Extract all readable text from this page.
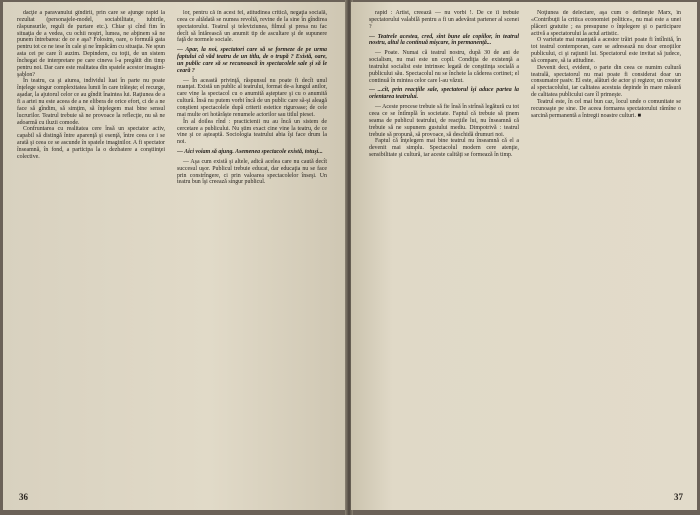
dacţie a paravanului gîndirii, prin care se ajunge rapid la rezultat (personajele-model, sociabilitate, iubirile, răspunsurile, reguli de purtare etc.). Chiar şi cînd fim în situaţia de a vedea, cu ochii noştri, lumea, ne abţinem să ne punem întrebarea: de ce e aşa? Folosim, oare, o formulă gata pentru tot ce ne iese în cale şi ne împăcăm cu situaţia. Ne spun asta cei pe care îi auzim. Depindem, cu toţii, de un sistem închegat de interpretare pe care cineva l-a pregătit din timp pentru noi. Dar care este realitatea din spatele acestor imagini-şablon?

În teatru, ca şi aiurea, individul luat în parte nu poate înţelege singur complexitatea lumii în care trăieşte; el recurge, aşadar, la ajutorul celor ce au gîndit înaintea lui. Raţiunea de a fi a artei nu este aceea de a ne elibera de orice efort, ci de a ne face să gîndim, să simţim, să înţelegem mai bine sensul lucrurilor. Teatrul trebuie să ne provoace la reflecţie, nu să ne adoarmă cu iluzii comode.

Confruntarea cu realitatea cere însă un spectator activ, capabil să distingă între aparenţă şi esenţă, între ceea ce i se arată şi ceea ce se ascunde în spatele imaginilor. A fi spectator înseamnă, în fond, a participa la o dezbatere a conştiinţei colective.

lor, pentru că în acest fel, atitudinea critică, negaţia socială, ceea ce altădată se numea revoltă, revine de la sine în gîndirea spectatorului. Teatrul şi televiziunea, filmul şi presa nu fac decît să întărească un anumit tip de ascultare şi de supunere faţă de normele sociale.

— Apar, la noi, spectatori care să se formeze de pe urma faptului că văd teatru de un titlu, de o trupă ? Există, oare, un public care să se recunoască în spectacolele sale şi să le ceară ?

— În această privinţă, răspunsul nu poate fi decît unul nuanţat. Există un public al teatrului, format de-a lungul anilor, care vine la spectacol cu o anumită aşteptare şi cu o anumită cultură. Însă nu putem vorbi încă de un public care să-şi aleagă conştient spectacolele după criterii estetice riguroase; de cele mai multe ori hotărăşte renumele actorilor sau titlul piesei.

În al doilea rînd : practicienii nu au încă un sistem de cercetare a publicului. Nu ştim exact cine vine la teatru, de ce vine şi ce aşteaptă. Sociologia teatrului abia îşi face drum la noi.

— Aici voiam să ajung. Asemenea spectacole există, totuşi...

— Aşa cum există şi altele, adică acelea care nu caută decît succesul uşor. Publicul trebuie educat, dar educaţia nu se face prin constrîngere, ci prin valoarea spectacolelor înseşi. Un teatru bun îşi creează singur publicul.

36

rapid : Artist, creează — nu vorbi !. De ce îi trebuie spectatorului valabilă pentru a fi un adevărat partener al scenei ?

— Teatrele acestea, cred, sînt bune ale copiilor, în teatrul nostru, altul la continuă mişcare, în permanenţă...

— Poate. Numai că teatrul nostru, după 30 de ani de socialism, nu mai este un copil. Condiţia de existenţă a teatrului socialist este intrinsec legată de conştiinţa socială a publicului său. Spectacolul nu se încheie la căderea cortinei; el continuă în mintea celor care l-au văzut.

— ...cît, prin reacţiile sale, spectatorul îşi aduce partea la orientarea teatrului.

— Aceste procese trebuie să fie însă în strînsă legătură cu tot ceea ce se întîmplă în societate. Faptul că trebuie să ţinem seama de publicul teatrului, de reacţiile lui, nu înseamnă că trebuie să ne supunem gustului mediu. Dimpotrivă : teatrul trebuie să propună, să provoace, să deschidă drumuri noi.

Faptul că înţelegem mai bine teatrul nu înseamnă că el a devenit mai simplu. Spectacolul modern cere atenţie, sensibilitate şi cultură, iar aceste calităţi se formează în timp.

Noţiunea de delectare, aşa cum o defineşte Marx, în «Contribuţii la critica economiei politice», nu mai este a unei plăceri gratuite ; ea presupune o înţelegere şi o participare activă a spectatorului la actul artistic.

O varietate mai nuanţată a acestor trăiri poate fi întîlnită, în tot teatrul contemporan, care se adresează nu doar emoţiilor publicului, ci şi raţiunii lui. Spectatorul este invitat să judece, să compare, să ia atitudine.

Devenit deci, evident, o parte din ceea ce numim cultură teatrală, spectatorul nu mai poate fi considerat doar un consumator pasiv. El este, alături de actor şi regizor, un creator al spectacolului, iar calitatea acestuia depinde în mare măsură de calitatea publicului care îl primeşte.

Teatrul este, în cel mai bun caz, locul unde o comunitate se recunoaşte pe sine. De aceea formarea spectatorului rămîne o sarcină permanentă a întregii noastre culturi. ■

37
